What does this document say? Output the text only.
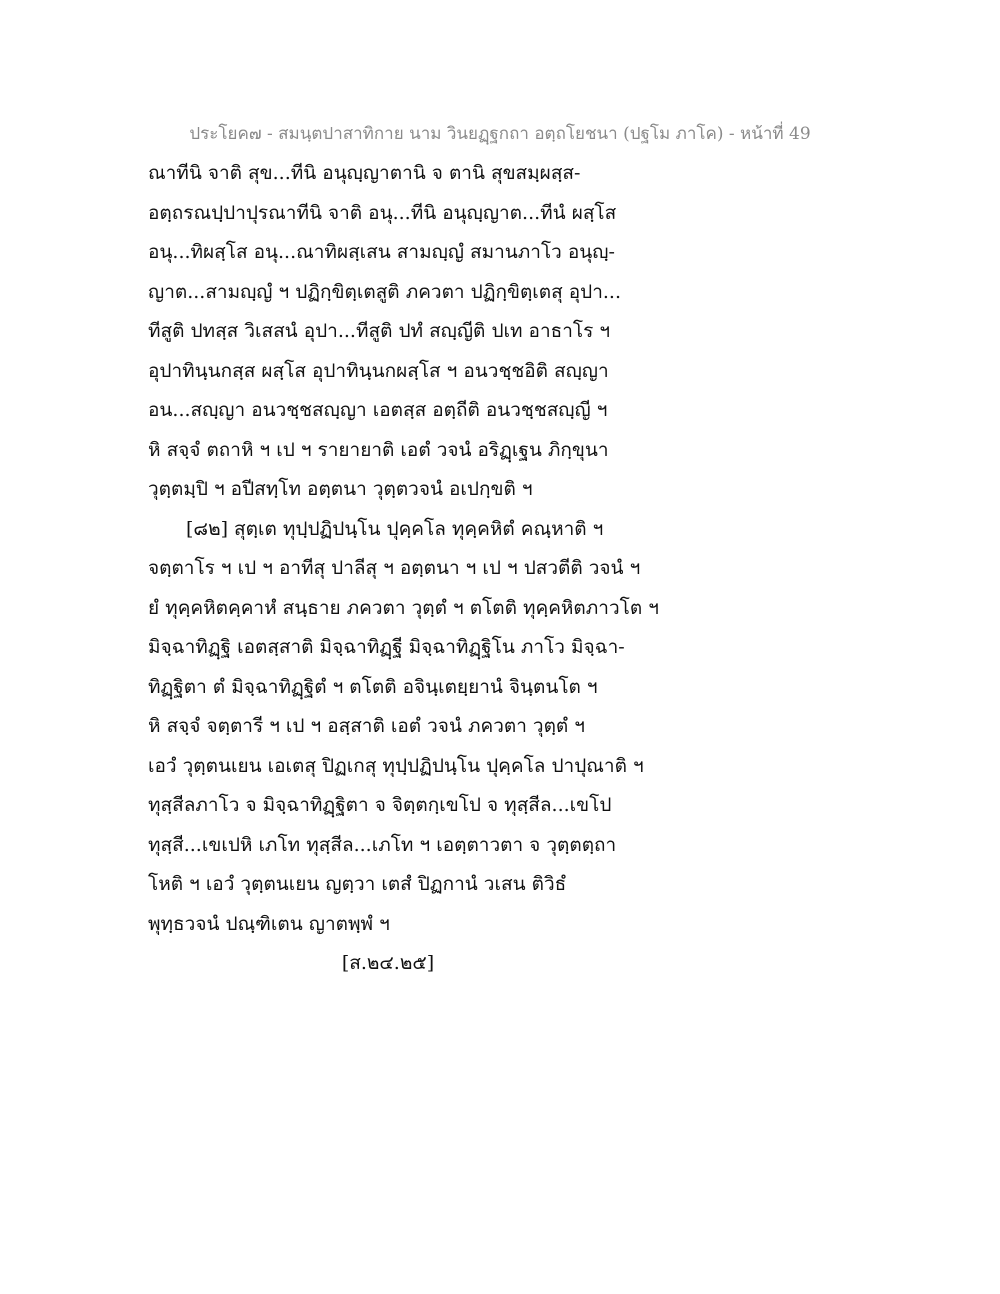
ประโยค๗ - สมนฺตปาสาทิกาย นาม วินยฏฺฐกถา อตฺถโยชนา (ปฐโม ภาโค) - หน้าที่ 49
ณาทีนิ จาติ สุข...ทีนิ อนุญฺญาตานิ จ ตานิ สุขสมฺผสฺส-
อตฺถรณปฺปาปุรณาทีนิ จาติ อนุ...ทีนิ อนุญฺญาต...ทีนํ ผสฺโส
อนุ...ทิผสฺโส อนุ...ณาทิผสฺเสน สามญฺญํ สมานภาโว อนุญฺ-
ญาต...สามญฺญํ ฯ ปฏิกฺขิตฺเตสูติ ภควตา ปฏิกฺขิตฺเตสุ อุปา...
ทีสูติ ปทสฺส วิเสสนํ อุปา...ทีสูติ ปทํ สญฺญีติ ปเท อาธาโร ฯ
อุปาทินฺนกสฺส ผสฺโส อุปาทินฺนกผสฺโส ฯ อนวชฺชอิติ สญฺญา
อน...สญฺญา อนวชฺชสญฺญา เอตสฺส อตฺถีติ อนวชฺชสญฺญี ฯ
หิ สจฺจํ ตถาหิ ฯ เป ฯ รายายาติ เอตํ วจนํ อริฏฺเฐน ภิกฺขุนา
วุตฺตมฺปิ ฯ อปีสทฺโท อตฺตนา วุตฺตวจนํ อเปกฺขติ ฯ
[๘๒] สุตฺเต ทุปฺปฏิปนฺโน ปุคฺคโล ทุคฺคหิตํ คณฺหาติ ฯ
จตฺตาโร ฯ เป ฯ อาทีสุ ปาลีสุ ฯ อตฺตนา ฯ เป ฯ ปสวตีติ วจนํ ฯ
ยํ ทุคฺคหิตคฺคาหํ สนฺธาย ภควตา วุตฺตํ ฯ ตโตติ ทุคฺคหิตภาวโต ฯ
มิจฺฉาทิฏฺฐิ เอตสฺสาติ มิจฺฉาทิฏฺฐี มิจฺฉาทิฏฺฐิโน ภาโว มิจฺฉา-
ทิฏฺฐิตา ตํ มิจฺฉาทิฏฺฐิตํ ฯ ตโตติ อจินฺเตยฺยานํ จินฺตนโต ฯ
หิ สจฺจํ จตฺตารี ฯ เป ฯ อสฺสาติ เอตํ วจนํ ภควตา วุตฺตํ ฯ
เอวํ วุตฺตนเยน เอเตสุ ปิฏเกสุ ทุปฺปฏิปนฺโน ปุคฺคโล ปาปุณาติ ฯ
ทุสฺสีลภาโว จ มิจฺฉาทิฏฺฐิตา จ จิตฺตกฺเขโป จ ทุสฺสีล...เขโป
ทุสฺสี...เขเปหิ เภโท ทุสฺสีล...เภโท ฯ เอตฺตาวตา จ วุตฺตตฺถา
โหติ ฯ เอวํ วุตฺตนเยน ญตฺวา เตสํ ปิฏกานํ วเสน ติวิธํ
พุทฺธวจนํ ปณฺฑิเตน ญาตพฺพํ ฯ
[ส.๒๔.๒๕]
